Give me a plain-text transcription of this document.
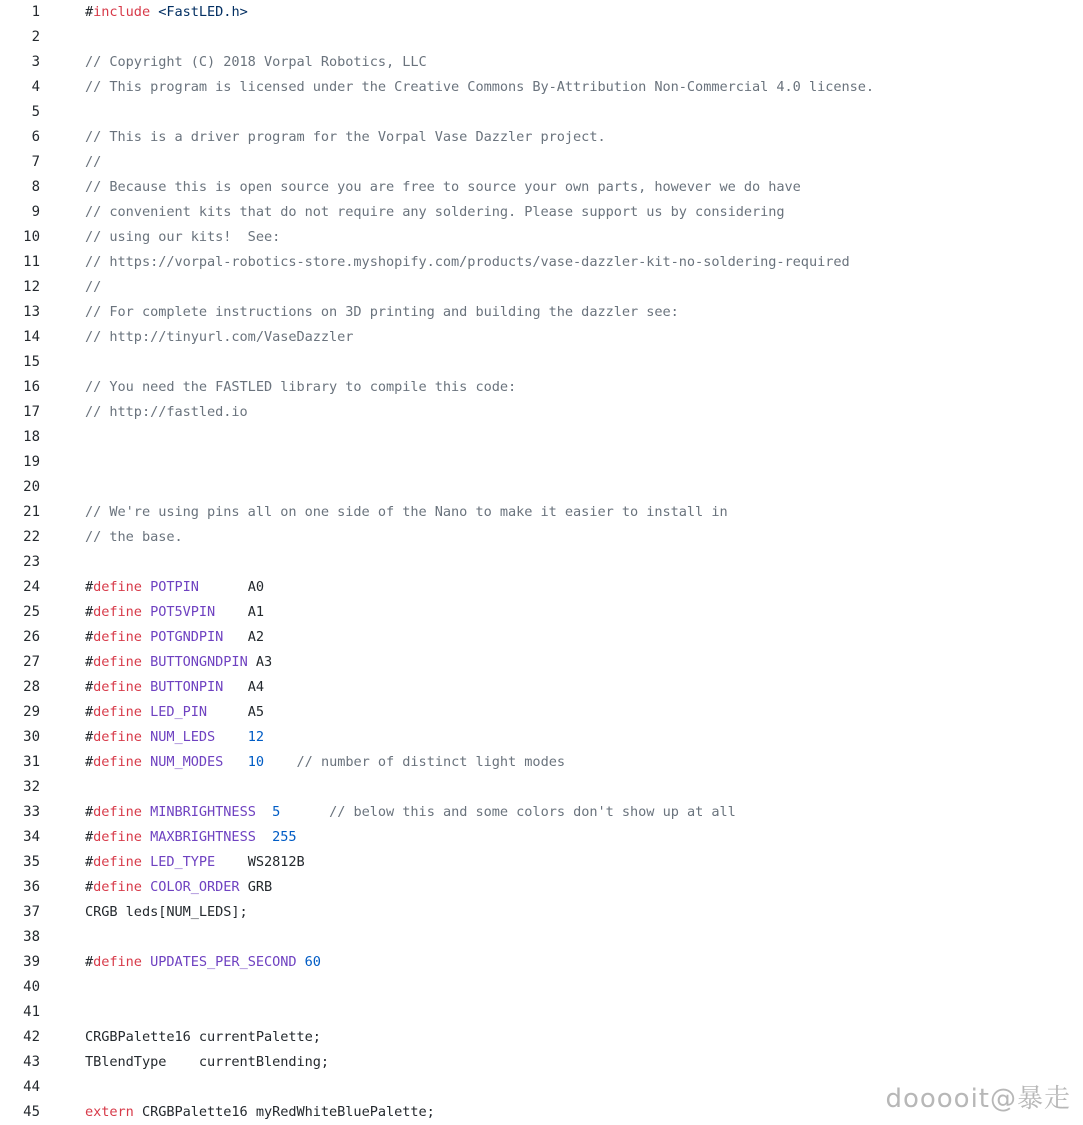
1	#include <FastLED.h>
2
3	// Copyright (C) 2018 Vorpal Robotics, LLC
4	// This program is licensed under the Creative Commons By-Attribution Non-Commercial 4.0 license.
5
6	// This is a driver program for the Vorpal Vase Dazzler project.
7	//
8	// Because this is open source you are free to source your own parts, however we do have
9	// convenient kits that do not require any soldering. Please support us by considering
10	// using our kits!  See:
11	// https://vorpal-robotics-store.myshopify.com/products/vase-dazzler-kit-no-soldering-required
12	//
13	// For complete instructions on 3D printing and building the dazzler see:
14	// http://tinyurl.com/VaseDazzler
15
16	// You need the FASTLED library to compile this code:
17	// http://fastled.io
18
19
20
21	// We're using pins all on one side of the Nano to make it easier to install in
22	// the base.
23
24	#define POTPIN      A0
25	#define POT5VPIN    A1
26	#define POTGNDPIN   A2
27	#define BUTTONGNDPIN A3
28	#define BUTTONPIN   A4
29	#define LED_PIN     A5
30	#define NUM_LEDS 12
31	#define NUM_MODES 10 // number of distinct light modes
32
33	#define MINBRIGHTNESS 5	// below this and some colors don't show up at all
34	#define MAXBRIGHTNESS 255
35	#define LED_TYPE    WS2812B
36	#define COLOR_ORDER GRB
37	CRGB leds[NUM_LEDS];
38
39	#define UPDATES_PER_SECOND 60
40
41
42	CRGBPalette16 currentPalette;
43	TBlendType    currentBlending;
44
45	extern CRGBPalette16 myRedWhiteBluePalette;	dooooit@暴走
